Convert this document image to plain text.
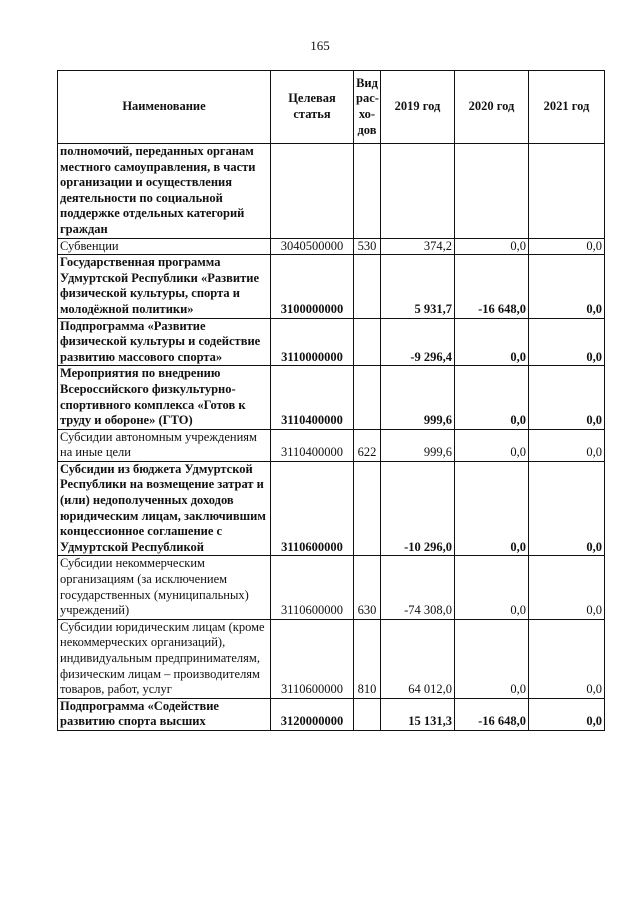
165
Наименование	Целевая статья	Вид рас-хо-дов	2019 год	2020 год	2021 год
полномочий, переданных органам местного самоуправления, в части организации и осуществления деятельности по социальной поддержке отдельных категорий граждан					
Субвенции	3040500000	530	374,2	0,0	0,0
Государственная программа Удмуртской Республики «Развитие физической культуры, спорта и молодёжной политики»	3100000000		5 931,7	-16 648,0	0,0
Подпрограмма «Развитие физической культуры и содействие развитию массового спорта»	3110000000		-9 296,4	0,0	0,0
Мероприятия по внедрению Всероссийского физкультурно-спортивного комплекса «Готов к труду и обороне» (ГТО)	3110400000		999,6	0,0	0,0
Субсидии автономным учреждениям на иные цели	3110400000	622	999,6	0,0	0,0
Субсидии из бюджета Удмуртской Республики на возмещение затрат и (или) недополученных доходов юридическим лицам, заключившим концессионное соглашение с Удмуртской Республикой	3110600000		-10 296,0	0,0	0,0
Субсидии некоммерческим организациям (за исключением государственных (муниципальных) учреждений)	3110600000	630	-74 308,0	0,0	0,0
Субсидии юридическим лицам (кроме некоммерческих организаций), индивидуальным предпринимателям, физическим лицам – производителям товаров, работ, услуг	3110600000	810	64 012,0	0,0	0,0
Подпрограмма «Содействие развитию спорта высших	3120000000		15 131,3	-16 648,0	0,0
